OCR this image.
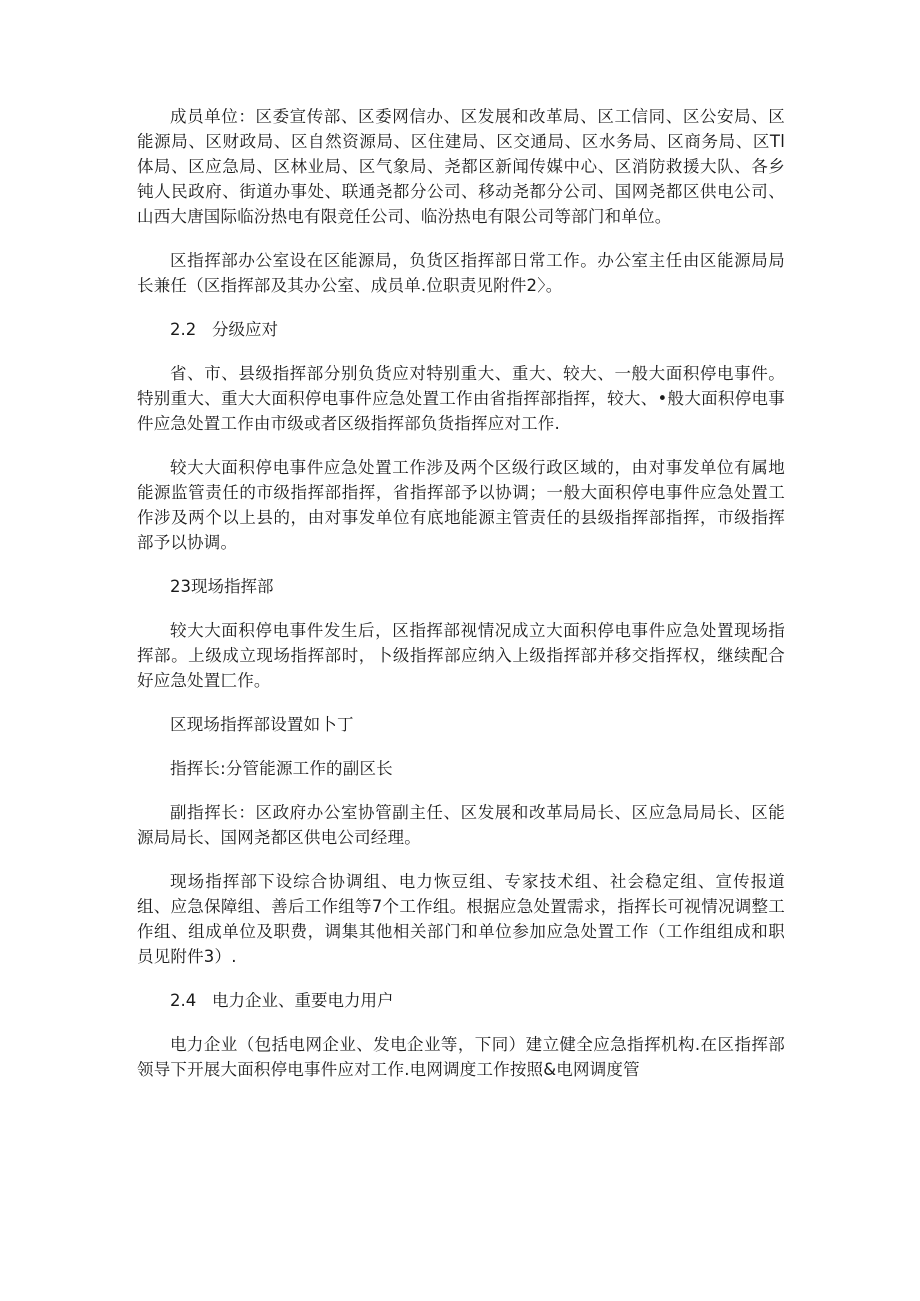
成员单位：区委宣传部、区委网信办、区发展和改革局、区工信同、区公安局、区能源局、区财政局、区自然资源局、区住建局、区交通局、区水务局、区商务局、区Tl体局、区应急局、区林业局、区气象局、尧都区新闻传媒中心、区消防救援大队、各乡钝人民政府、街道办事处、联通尧都分公司、移动尧都分公司、国网尧都区供电公司、山西大唐国际临汾热电有限竞任公司、临汾热电有限公司等部门和单位。

区指挥部办公室设在区能源局，负货区指挥部日常工作。办公室主任由区能源局局长兼任（区指挥部及其办公室、成员单.位职责见附件2〉。

2.2 分级应对

省、市、县级指挥部分别负货应对特别重大、重大、较大、一般大面积停电事件。特别重大、重大大面积停电事件应急处置工作由省指挥部指挥，较大、•般大面积停电事件应急处置工作由市级或者区级指挥部负货指挥应对工作.

较大大面积停电事件应急处置工作涉及两个区级行政区域的，由对事发单位有属地能源监管责任的市级指挥部指挥，省指挥部予以协调；一般大面积停电事件应急处置工作涉及两个以上县的，由对事发单位有底地能源主管责任的县级指挥部指挥，市级指挥部予以协调。

23现场指挥部

较大大面积停电事件发生后，区指挥部视情况成立大面积停电事件应急处置现场指挥部。上级成立现场指挥部时，卜级指挥部应纳入上级指挥部并移交指挥权，继续配合好应急处置匚作。

区现场指挥部设置如卜丁

指挥长:分管能源工作的副区长

副指挥长：区政府办公室协管副主任、区发展和改革局局长、区应急局局长、区能源局局长、国网尧都区供电公司经理。

现场指挥部下设综合协调组、电力恢豆组、专家技术组、社会稳定组、宣传报道组、应急保障组、善后工作组等7个工作组。根据应急处置需求，指挥长可视情况调整工作组、组成单位及职费，调集其他相关部门和单位参加应急处置工作（工作组组成和职员见附件3）.

2.4 电力企业、重要电力用户

电力企业（包括电网企业、发电企业等，下同）建立健全应急指挥机构.在区指挥部领导下开展大面积停电事件应对工作.电网调度工作按照&电网调度管
